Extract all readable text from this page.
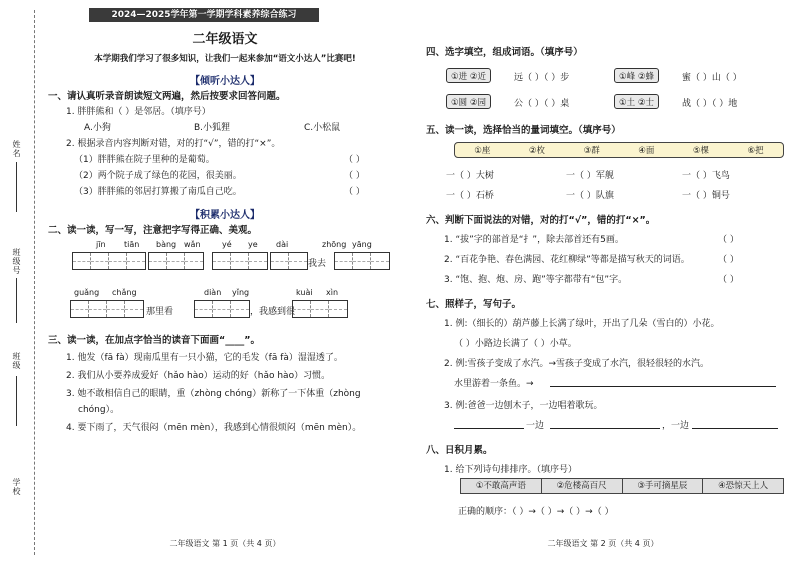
姓名
班级号
班级
学校
2024—2025学年第一学期学科素养综合练习
二年级语文
本学期我们学习了很多知识，让我们一起来参加“语文小达人”比赛吧!
【倾听小达人】
一、请认真听录音朗读短文两遍，然后按要求回答问题。
1. 胖胖熊和（ ）是邻居。（填序号）
A.小狗	B.小狐狸	C.小松鼠
2. 根据录音内容判断对错，对的打“√”，错的打“×”。
（1）胖胖熊在院子里种的是葡萄。	（ ）
（2）两个院子成了绿色的花园，很美丽。	（ ）
（3）胖胖熊的邻居打算搬了南瓜自己吃。	（ ）
【积累小达人】
二、读一读，写一写，注意把字写得正确、美观。
jīn tiān bàng wǎn	yé ye dài	zhōng yāng
我去
guǎng chǎng	diàn yǐng	kuài xìn
那里看	，我感到很
三、读一读，在加点字恰当的读音下面画“____”。
1. 他发（fā fà）现南瓜里有一只小猫，它的毛发（fā fà）湿湿透了。
2. 我们从小要养成爱好（hǎo hào）运动的好（hǎo hào）习惯。
3. 她不敢相信自己的眼睛，重（zhòng chóng）新称了一下体重（zhòng
chóng）。
4. 要下雨了，天气很闷（mēn mèn），我感到心情很烦闷（mēn mèn）。
二年级语文 第 1 页（共 4 页）
四、选字填空，组成词语。（填序号）
①进 ②近	远（ ）（ ）步	①峰 ②蜂	蜜（ ）山（ ）
①圆 ②园	公（ ）（ ）桌	①土 ②士	战（ ）（ ）地
五、读一读，选择恰当的量词填空。（填序号）
①座	②枚	③群	④面	⑤棵	⑥把
一（ ）大树	一（ ）军舰	一（ ）飞鸟
一（ ）石桥	一（ ）队旗	一（ ）铜号
六、判断下面说法的对错，对的打“√”，错的打“×”。
1. “拔”字的部首是“扌”，除去部首还有5画。	（ ）
2. “百花争艳、春色满园、花红柳绿”等都是描写秋天的词语。	（ ）
3. “饱、抱、炮、房、跑”等字都带有“包”字。	（ ）
七、照样子，写句子。
1. 例:（细长的）葫芦藤上长满了绿叶，开出了几朵（雪白的）小花。
（ ）小路边长满了（ ）小草。
2. 例:雪孩子变成了水汽。→雪孩子变成了水汽，很轻很轻的水汽。
水里游着一条鱼。→
3. 例:爸爸一边刨木子，一边唱着歌玩。
一边	，一边
八、日积月累。
1. 给下列诗句排排序。（填序号）
①不敢高声语	②危楼高百尺	③手可摘星辰	④恐惊天上人
正确的顺序：（ ）→（ ）→（ ）→（ ）
二年级语文 第 2 页（共 4 页）
